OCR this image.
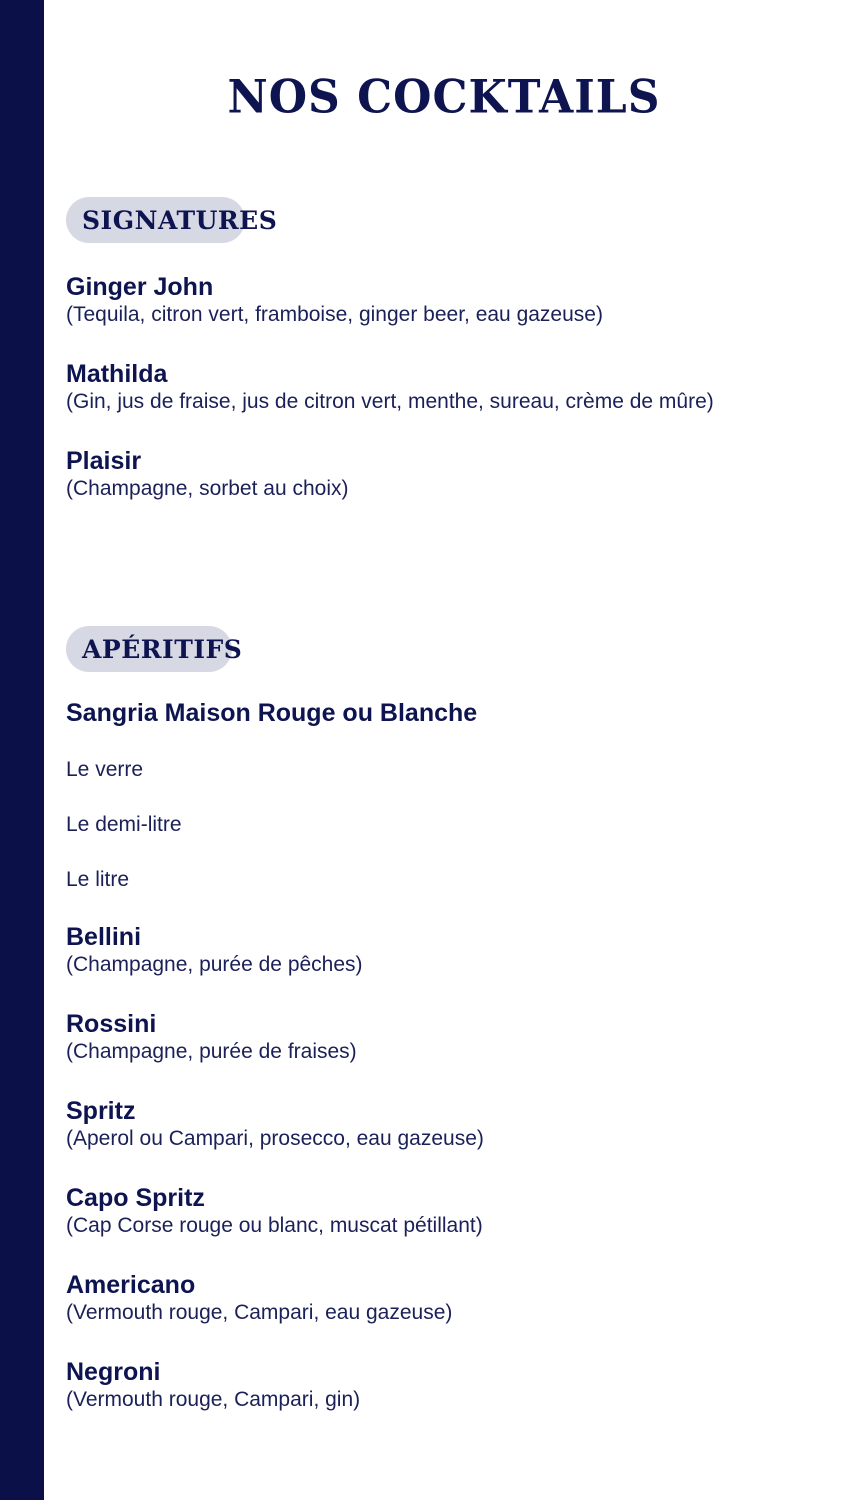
NOS COCKTAILS
SIGNATURES
Ginger John
(Tequila, citron vert, framboise, ginger beer, eau gazeuse)
Mathilda
(Gin, jus de fraise, jus de citron vert, menthe, sureau, crème de mûre)
Plaisir
(Champagne, sorbet au choix)
APÉRITIFS
Sangria Maison Rouge ou Blanche
Le verre
Le demi-litre
Le litre
Bellini
(Champagne, purée de pêches)
Rossini
(Champagne, purée de fraises)
Spritz
(Aperol ou Campari, prosecco, eau gazeuse)
Capo Spritz
(Cap Corse rouge ou blanc, muscat pétillant)
Americano
(Vermouth rouge, Campari, eau gazeuse)
Negroni
(Vermouth rouge, Campari, gin)
